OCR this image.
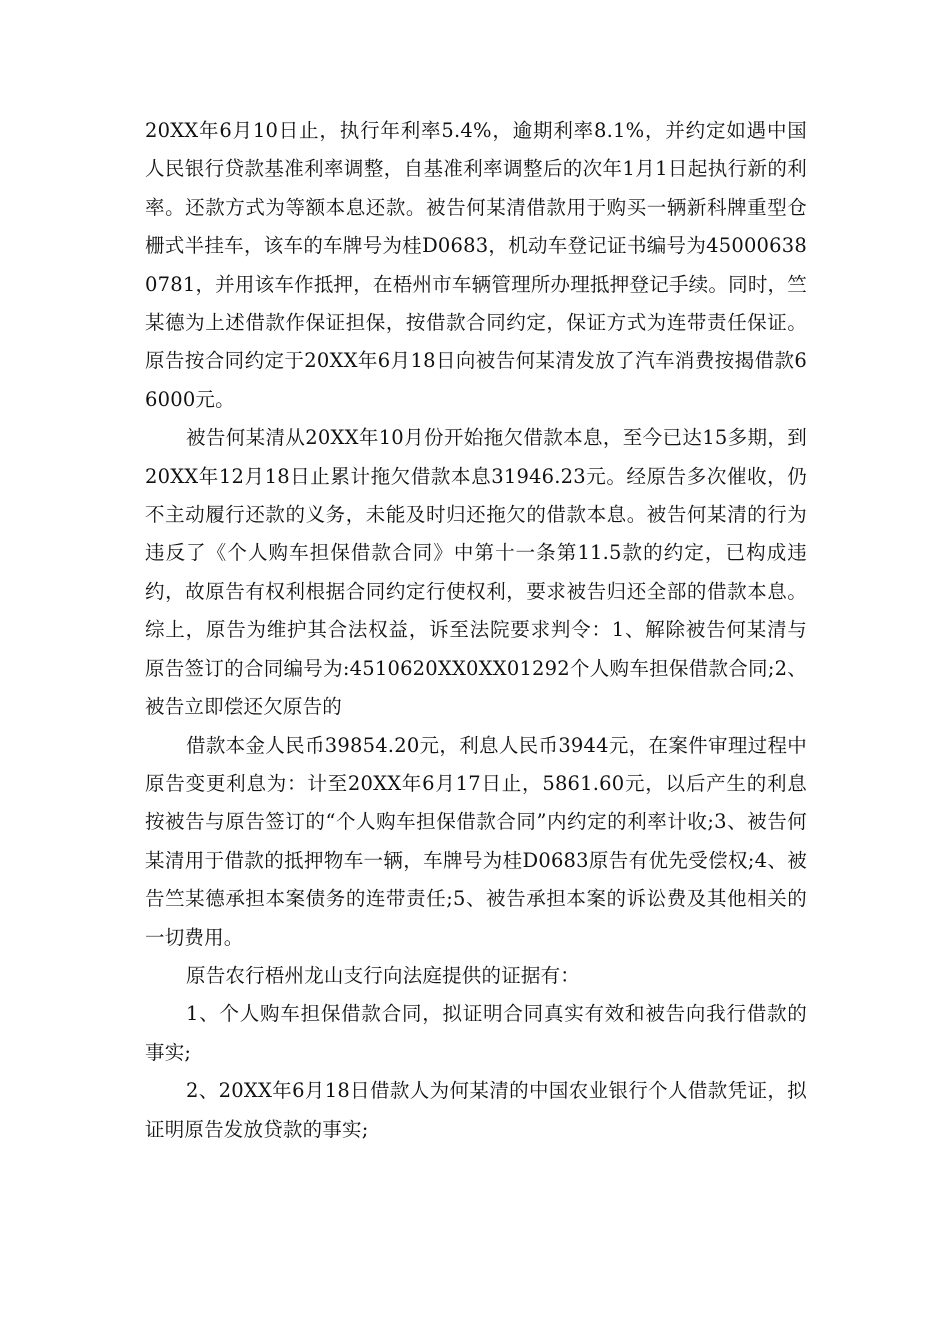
20XX年6月10日止，执行年利率5.4%，逾期利率8.1%，并约定如遇中国人民银行贷款基准利率调整，自基准利率调整后的次年1月1日起执行新的利率。还款方式为等额本息还款。被告何某清借款用于购买一辆新科牌重型仓栅式半挂车，该车的车牌号为桂D0683，机动车登记证书编号为450006380781，并用该车作抵押，在梧州市车辆管理所办理抵押登记手续。同时，竺某德为上述借款作保证担保，按借款合同约定，保证方式为连带责任保证。原告按合同约定于20XX年6月18日向被告何某清发放了汽车消费按揭借款66000元。

被告何某清从20XX年10月份开始拖欠借款本息，至今已达15多期，到20XX年12月18日止累计拖欠借款本息31946.23元。经原告多次催收，仍不主动履行还款的义务，未能及时归还拖欠的借款本息。被告何某清的行为违反了《个人购车担保借款合同》中第十一条第11.5款的约定，已构成违约，故原告有权利根据合同约定行使权利，要求被告归还全部的借款本息。综上，原告为维护其合法权益，诉至法院要求判令：1、解除被告何某清与原告签订的合同编号为:4510620XX0XX01292个人购车担保借款合同;2、被告立即偿还欠原告的

借款本金人民币39854.20元，利息人民币3944元，在案件审理过程中原告变更利息为：计至20XX年6月17日止，5861.60元，以后产生的利息按被告与原告签订的“个人购车担保借款合同”内约定的利率计收;3、被告何某清用于借款的抵押物车一辆，车牌号为桂D0683原告有优先受偿权;4、被告竺某德承担本案债务的连带责任;5、被告承担本案的诉讼费及其他相关的一切费用。

原告农行梧州龙山支行向法庭提供的证据有：

1、个人购车担保借款合同，拟证明合同真实有效和被告向我行借款的事实;

2、20XX年6月18日借款人为何某清的中国农业银行个人借款凭证，拟证明原告发放贷款的事实;
